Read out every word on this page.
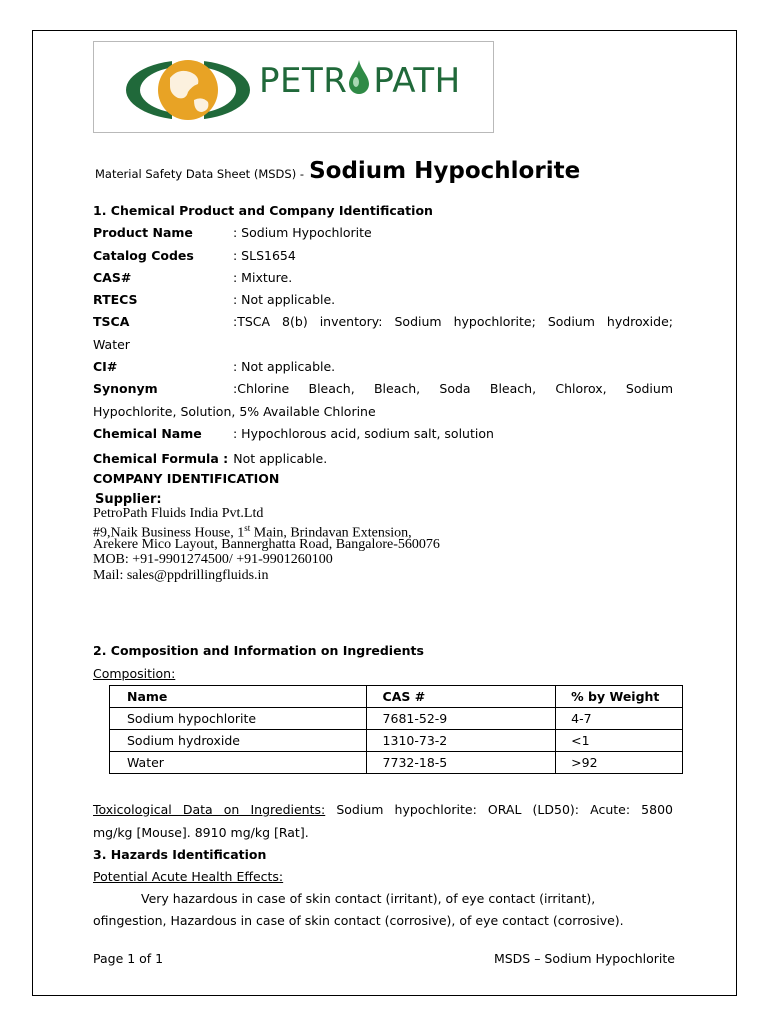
PETR PATH
Material Safety Data Sheet (MSDS) - Sodium Hypochlorite
1. Chemical Product and Company Identification
Product Name	: Sodium Hypochlorite
Catalog Codes	: SLS1654
CAS#	: Mixture.
RTECS	: Not applicable.
TSCA	:TSCA 8(b) inventory: Sodium hypochlorite; Sodium hydroxide;
Water
CI#	: Not applicable.
Synonym	:Chlorine Bleach, Bleach, Soda Bleach, Chlorox, Sodium
Hypochlorite, Solution, 5% Available Chlorine
Chemical Name	: Hypochlorous acid, sodium salt, solution
Chemical Formula : Not applicable.
COMPANY IDENTIFICATION
Supplier:
PetroPath Fluids India Pvt.Ltd
#9,Naik Business House, 1st Main, Brindavan Extension,
Arekere Mico Layout, Bannerghatta Road, Bangalore-560076
MOB: +91-9901274500/ +91-9901260100
Mail: sales@ppdrillingfluids.in
2. Composition and Information on Ingredients
Composition:
Name	CAS #	% by Weight
Sodium hypochlorite	7681-52-9	4-7
Sodium hydroxide	1310-73-2	<1
Water	7732-18-5	>92
Toxicological Data on Ingredients: Sodium hypochlorite: ORAL (LD50): Acute: 5800
mg/kg [Mouse]. 8910 mg/kg [Rat].
3. Hazards Identification
Potential Acute Health Effects:
Very hazardous in case of skin contact (irritant), of eye contact (irritant),
ofingestion, Hazardous in case of skin contact (corrosive), of eye contact (corrosive).
Page 1 of 1	MSDS – Sodium Hypochlorite
